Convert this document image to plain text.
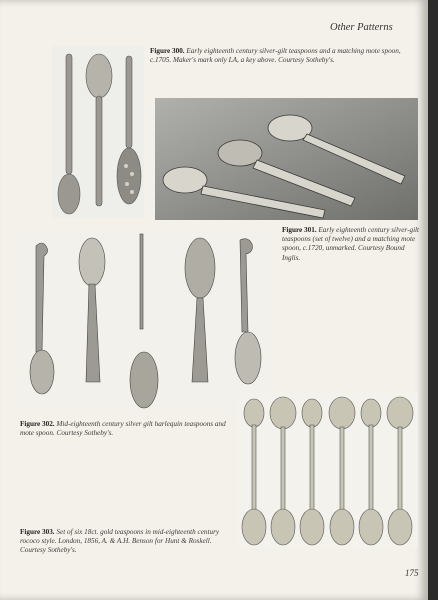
Other Patterns
Figure 300. Early eighteenth century silver-gilt teaspoons and a matching mote spoon, c.1705. Maker's mark only LA, a key above. Courtesy Sotheby's.
Figure 301. Early eighteenth century silver-gilt teaspoons (set of twelve) and a matching mote spoon, c.1720, unmarked. Courtesy Bound Inglis.
Figure 302. Mid-eighteenth century silver gilt harlequin teaspoons and mote spoon. Courtesy Sotheby's.
Figure 303. Set of six 18ct. gold teaspoons in mid-eighteenth century rococo style. London, 1856, A. & A.H. Benson for Hunt & Roskell. Courtesy Sotheby's.
175
